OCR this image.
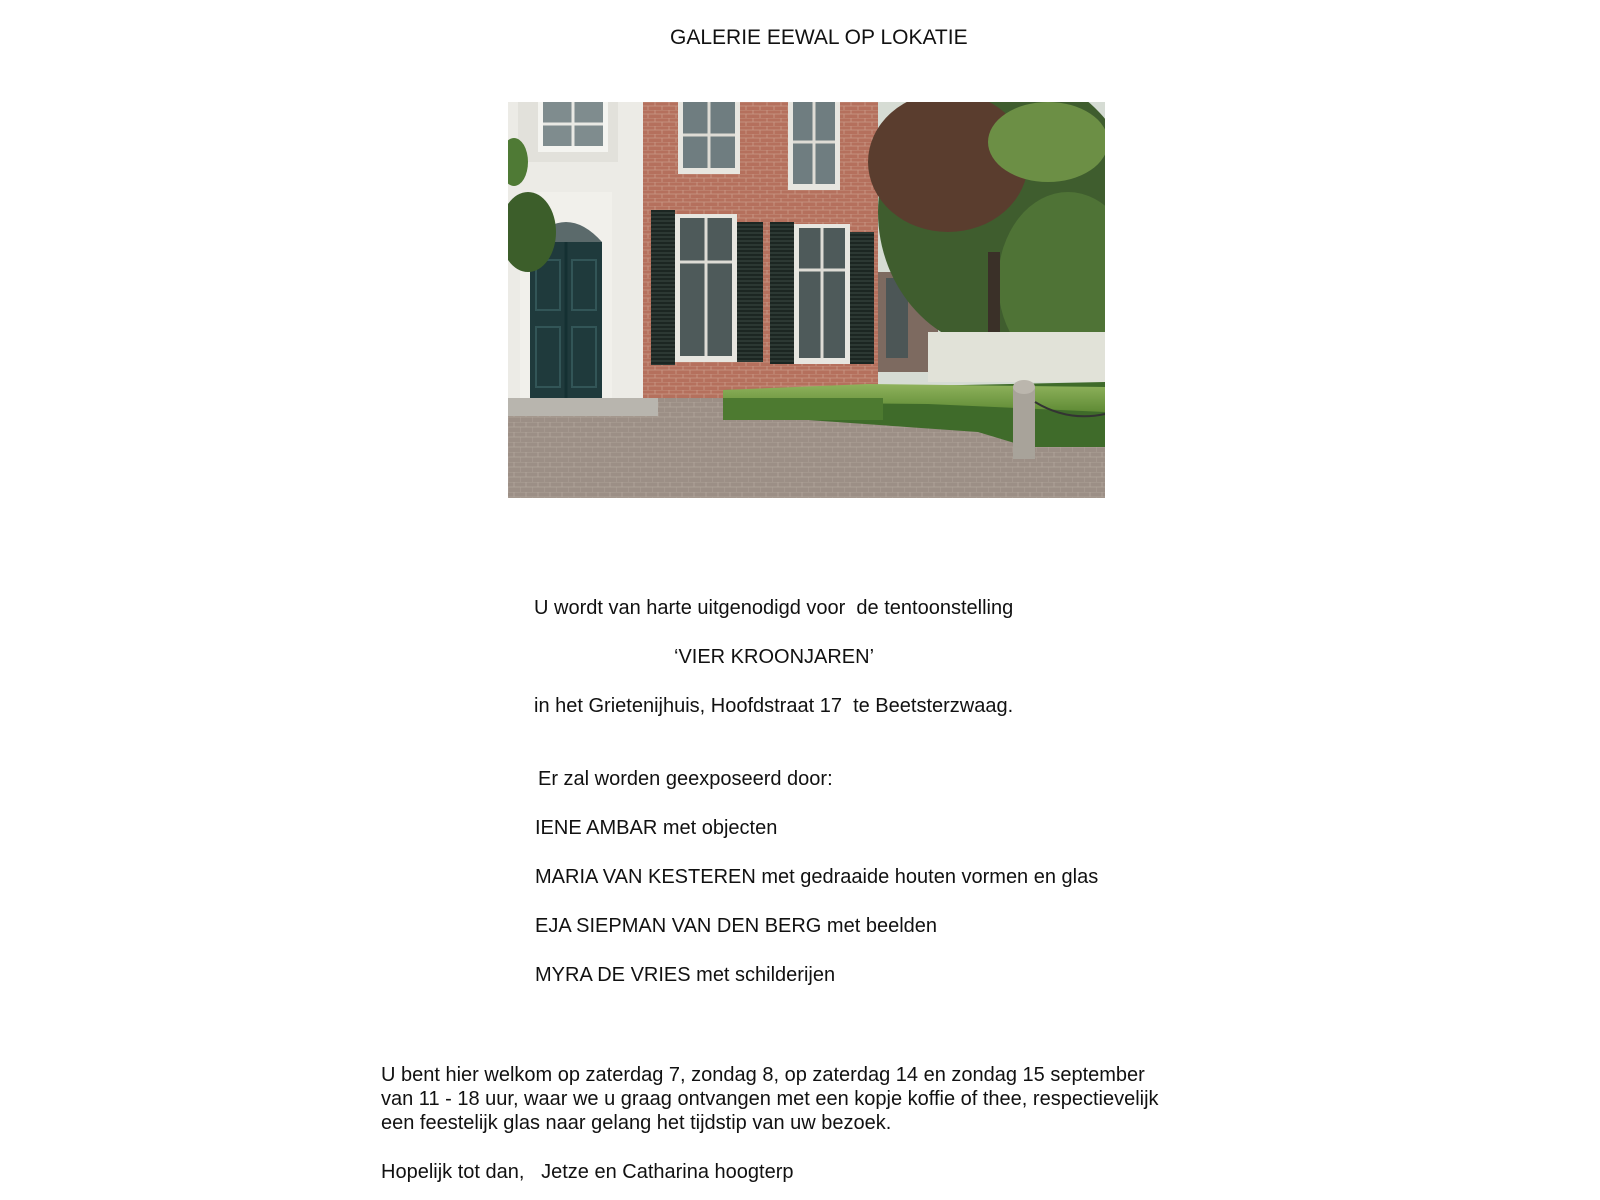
GALERIE EEWAL OP LOKATIE
U wordt van harte uitgenodigd voor  de tentoonstelling
‘VIER KROONJAREN’
in het Grietenijhuis, Hoofdstraat 17  te Beetsterzwaag.
Er zal worden geexposeerd door:
IENE AMBAR met objecten
MARIA VAN KESTEREN met gedraaide houten vormen en glas
EJA SIEPMAN VAN DEN BERG met beelden
MYRA DE VRIES met schilderijen
U bent hier welkom op zaterdag 7, zondag 8, op zaterdag 14 en zondag 15 september
van 11 - 18 uur, waar we u graag ontvangen met een kopje koffie of thee, respectievelijk
een feestelijk glas naar gelang het tijdstip van uw bezoek.
Hopelijk tot dan,   Jetze en Catharina hoogterp
